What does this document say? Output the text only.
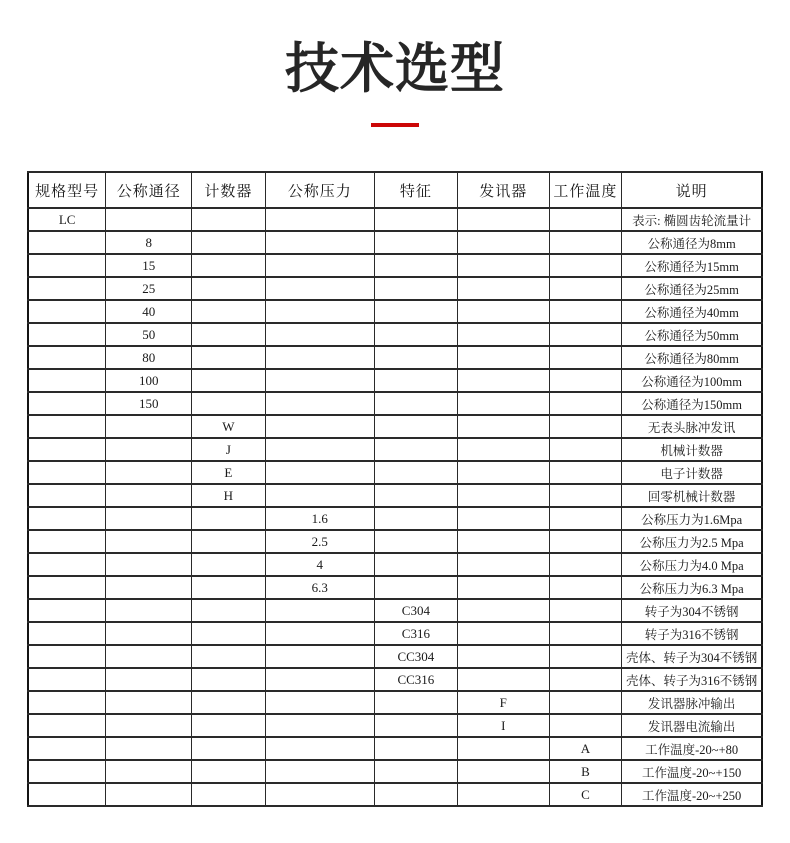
技术选型
规格型号	公称通径	计数器	公称压力	特征	发讯器	工作温度	说明
LC							表示: 椭圆齿轮流量计
	8						公称通径为8mm
	15						公称通径为15mm
	25						公称通径为25mm
	40						公称通径为40mm
	50						公称通径为50mm
	80						公称通径为80mm
	100						公称通径为100mm
	150						公称通径为150mm
		W					无表头脉冲发讯
		J					机械计数器
		E					电子计数器
		H					回零机械计数器
			1.6				公称压力为1.6Mpa
			2.5				公称压力为2.5 Mpa
			4				公称压力为4.0 Mpa
			6.3				公称压力为6.3 Mpa
				C304			转子为304不锈钢
				C316			转子为316不锈钢
				CC304			壳体、转子为304不锈钢
				CC316			壳体、转子为316不锈钢
					F		发讯器脉冲输出
					I		发讯器电流输出
						A	工作温度-20~+80
						B	工作温度-20~+150
						C	工作温度-20~+250
